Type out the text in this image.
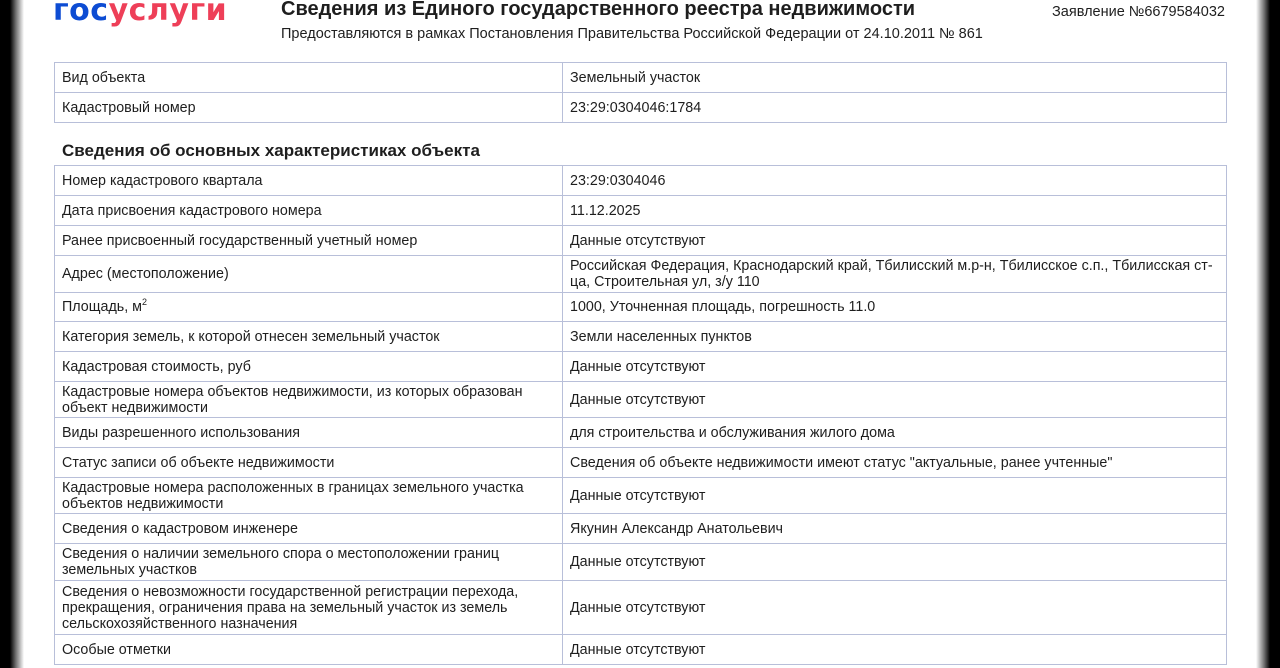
госуслуги	Сведения из Единого государственного реестра недвижимости
Предоставляются в рамках Постановления Правительства Российской Федерации от 24.10.2011 № 861
Заявление №6679584032
Вид объекта	Земельный участок
Кадастровый номер	23:29:0304046:1784
Сведения об основных характеристиках объекта
Номер кадастрового квартала	23:29:0304046
Дата присвоения кадастрового номера	11.12.2025
Ранее присвоенный государственный учетный номер	Данные отсутствуют
Адрес (местоположение)	Российская Федерация, Краснодарский край, Тбилисский м.р-н, Тбилисское с.п., Тбилисская ст-ца, Строительная ул, з/у 110
Площадь, $м^2$	1000, Уточненная площадь, погрешность 11.0
Категория земель, к которой отнесен земельный участок	Земли населенных пунктов
Кадастровая стоимость, руб	Данные отсутствуют
Кадастровые номера объектов недвижимости, из которых образован объект недвижимости	Данные отсутствуют
Виды разрешенного использования	для строительства и обслуживания жилого дома
Статус записи об объекте недвижимости	Сведения об объекте недвижимости имеют статус "актуальные, ранее учтенные"
Кадастровые номера расположенных в границах земельного участка объектов недвижимости	Данные отсутствуют
Сведения о кадастровом инженере	Якунин Александр Анатольевич
Сведения о наличии земельного спора о местоположении границ земельных участков	Данные отсутствуют
Сведения о невозможности государственной регистрации перехода, прекращения, ограничения права на земельный участок из земель сельскохозяйственного назначения	Данные отсутствуют
Особые отметки	Данные отсутствуют
